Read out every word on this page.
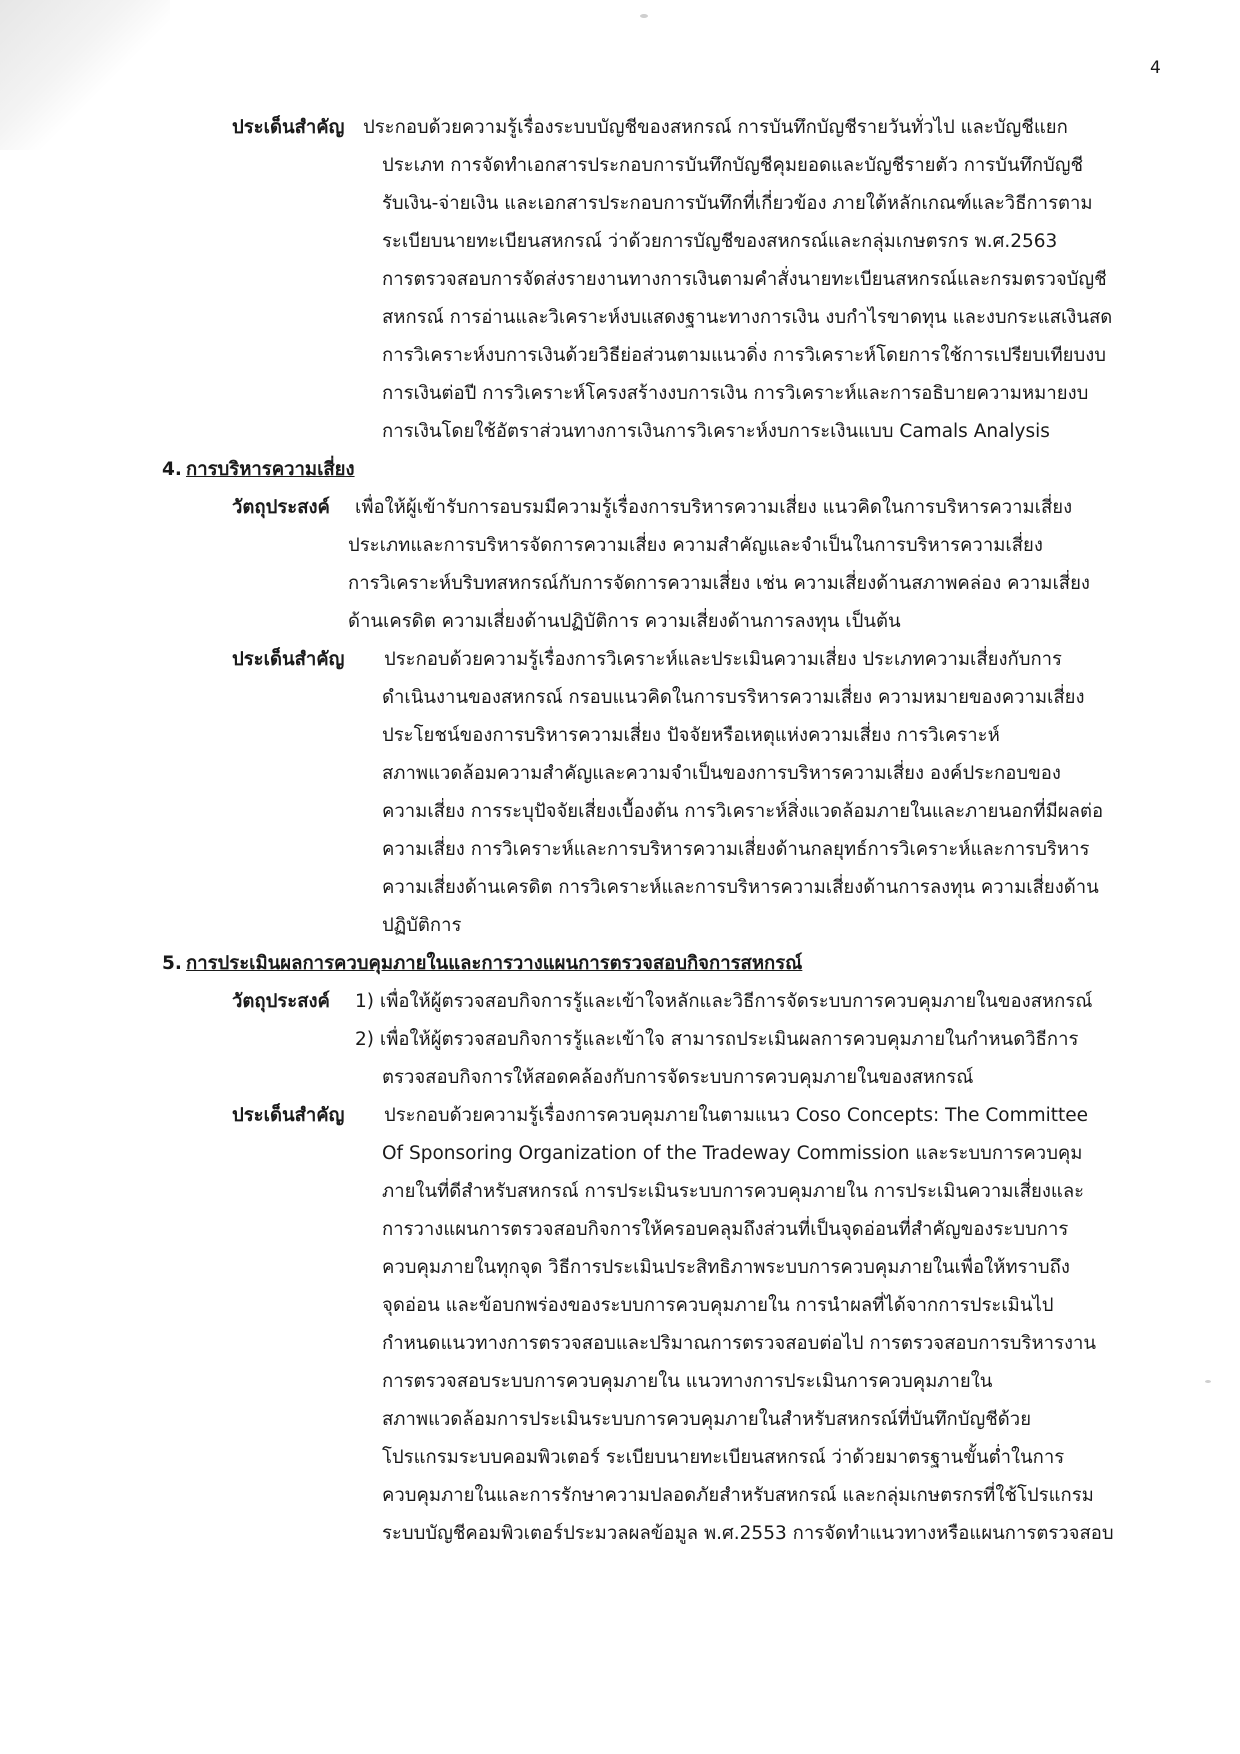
4
ประเด็นสำคัญ ประกอบด้วยความรู้เรื่องระบบบัญชีของสหกรณ์ การบันทึกบัญชีรายวันทั่วไป และบัญชีแยก
ประเภท การจัดทำเอกสารประกอบการบันทึกบัญชีคุมยอดและบัญชีรายตัว การบันทึกบัญชี
รับเงิน-จ่ายเงิน และเอกสารประกอบการบันทึกที่เกี่ยวข้อง ภายใต้หลักเกณฑ์และวิธีการตาม
ระเบียบนายทะเบียนสหกรณ์ ว่าด้วยการบัญชีของสหกรณ์และกลุ่มเกษตรกร พ.ศ.2563
การตรวจสอบการจัดส่งรายงานทางการเงินตามคำสั่งนายทะเบียนสหกรณ์และกรมตรวจบัญชี
สหกรณ์ การอ่านและวิเคราะห์งบแสดงฐานะทางการเงิน งบกำไรขาดทุน และงบกระแสเงินสด
การวิเคราะห์งบการเงินด้วยวิธีย่อส่วนตามแนวดิ่ง การวิเคราะห์โดยการใช้การเปรียบเทียบงบ
การเงินต่อปี การวิเคราะห์โครงสร้างงบการเงิน การวิเคราะห์และการอธิบายความหมายงบ
การเงินโดยใช้อัตราส่วนทางการเงินการวิเคราะห์งบการะเงินแบบ Camals Analysis
4. การบริหารความเสี่ยง
วัตถุประสงค์ เพื่อให้ผู้เข้ารับการอบรมมีความรู้เรื่องการบริหารความเสี่ยง แนวคิดในการบริหารความเสี่ยง
ประเภทและการบริหารจัดการความเสี่ยง ความสำคัญและจำเป็นในการบริหารความเสี่ยง
การวิเคราะห์บริบทสหกรณ์กับการจัดการความเสี่ยง เช่น ความเสี่ยงด้านสภาพคล่อง ความเสี่ยง
ด้านเครดิต ความเสี่ยงด้านปฏิบัติการ ความเสี่ยงด้านการลงทุน เป็นต้น
ประเด็นสำคัญ ประกอบด้วยความรู้เรื่องการวิเคราะห์และประเมินความเสี่ยง ประเภทความเสี่ยงกับการ
ดำเนินงานของสหกรณ์ กรอบแนวคิดในการบรริหารความเสี่ยง ความหมายของความเสี่ยง
ประโยชน์ของการบริหารความเสี่ยง ปัจจัยหรือเหตุแห่งความเสี่ยง การวิเคราะห์
สภาพแวดล้อมความสำคัญและความจำเป็นของการบริหารความเสี่ยง องค์ประกอบของ
ความเสี่ยง การระบุปัจจัยเสี่ยงเบื้องต้น การวิเคราะห์สิ่งแวดล้อมภายในและภายนอกที่มีผลต่อ
ความเสี่ยง การวิเคราะห์และการบริหารความเสี่ยงด้านกลยุทธ์การวิเคราะห์และการบริหาร
ความเสี่ยงด้านเครดิต การวิเคราะห์และการบริหารความเสี่ยงด้านการลงทุน ความเสี่ยงด้าน
ปฏิบัติการ
5. การประเมินผลการควบคุมภายในและการวางแผนการตรวจสอบกิจการสหกรณ์
วัตถุประสงค์ 1) เพื่อให้ผู้ตรวจสอบกิจการรู้และเข้าใจหลักและวิธีการจัดระบบการควบคุมภายในของสหกรณ์
2) เพื่อให้ผู้ตรวจสอบกิจการรู้และเข้าใจ สามารถประเมินผลการควบคุมภายในกำหนดวิธีการ
ตรวจสอบกิจการให้สอดคล้องกับการจัดระบบการควบคุมภายในของสหกรณ์
ประเด็นสำคัญ ประกอบด้วยความรู้เรื่องการควบคุมภายในตามแนว Coso Concepts: The Committee
Of Sponsoring Organization of the Tradeway Commission และระบบการควบคุม
ภายในที่ดีสำหรับสหกรณ์ การประเมินระบบการควบคุมภายใน การประเมินความเสี่ยงและ
การวางแผนการตรวจสอบกิจการให้ครอบคลุมถึงส่วนที่เป็นจุดอ่อนที่สำคัญของระบบการ
ควบคุมภายในทุกจุด วิธีการประเมินประสิทธิภาพระบบการควบคุมภายในเพื่อให้ทราบถึง
จุดอ่อน และข้อบกพร่องของระบบการควบคุมภายใน การนำผลที่ได้จากการประเมินไป
กำหนดแนวทางการตรวจสอบและปริมาณการตรวจสอบต่อไป การตรวจสอบการบริหารงาน
การตรวจสอบระบบการควบคุมภายใน แนวทางการประเมินการควบคุมภายใน
สภาพแวดล้อมการประเมินระบบการควบคุมภายในสำหรับสหกรณ์ที่บันทึกบัญชีด้วย
โปรแกรมระบบคอมพิวเตอร์ ระเบียบนายทะเบียนสหกรณ์ ว่าด้วยมาตรฐานขั้นต่ำในการ
ควบคุมภายในและการรักษาความปลอดภัยสำหรับสหกรณ์ และกลุ่มเกษตรกรที่ใช้โปรแกรม
ระบบบัญชีคอมพิวเตอร์ประมวลผลข้อมูล พ.ศ.2553 การจัดทำแนวทางหรือแผนการตรวจสอบ
